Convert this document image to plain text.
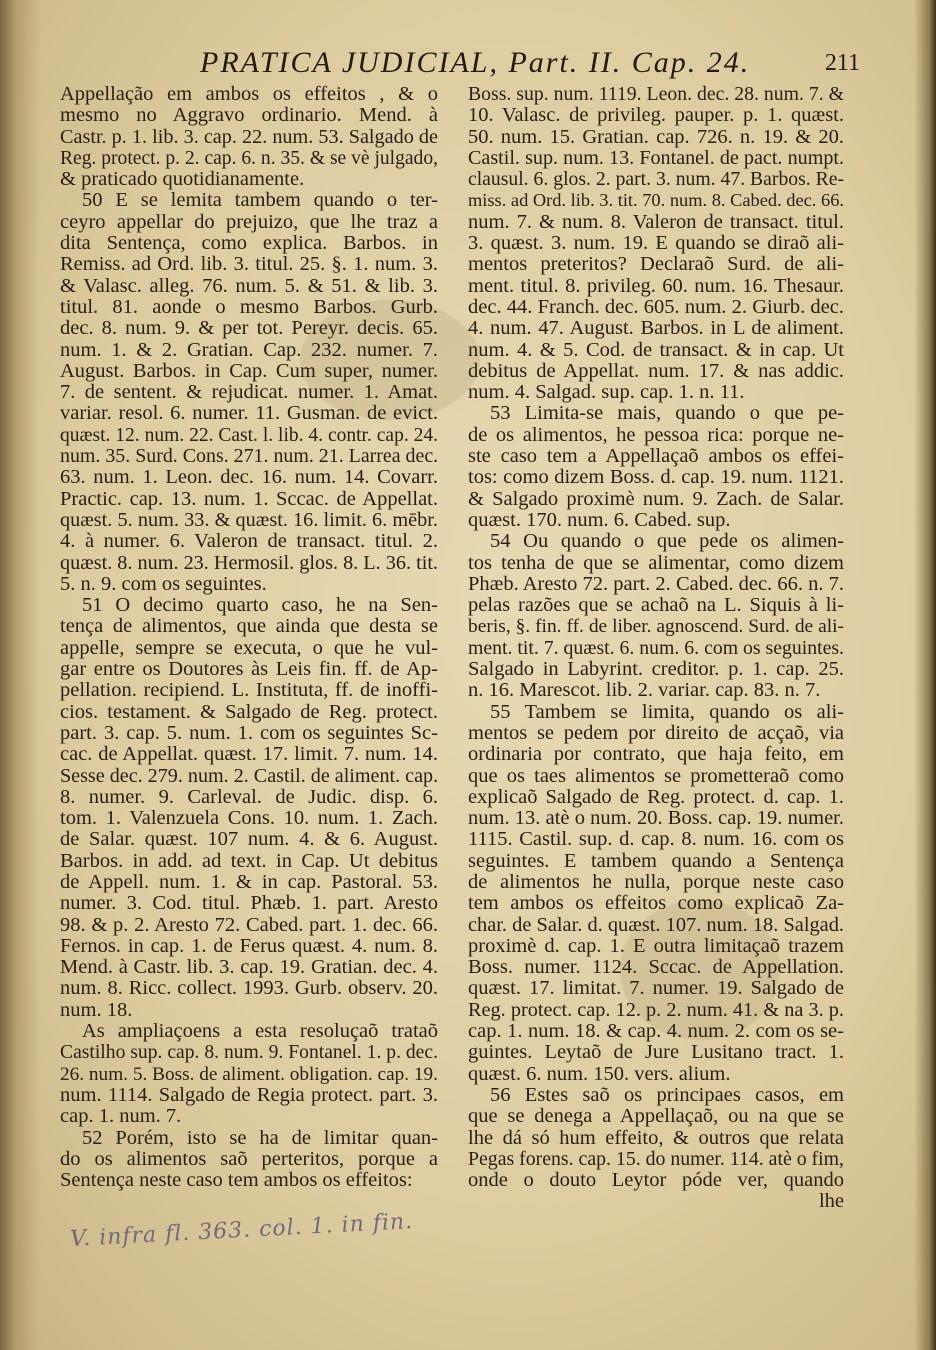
PRATICA JUDICIAL, Part. II. Cap. 24.	211
Appellação em ambos os effeitos , & o
mesmo no Aggravo ordinario. Mend. à
Castr. p. 1. lib. 3. cap. 22. num. 53. Salgado de
Reg. protect. p. 2. cap. 6. n. 35. & se vè julgado,
& praticado quotidianamente.
50 E se lemita tambem quando o ter-
ceyro appellar do prejuizo, que lhe traz a
dita Sentença, como explica. Barbos. in
Remiss. ad Ord. lib. 3. titul. 25. §. 1. num. 3.
& Valasc. alleg. 76. num. 5. & 51. & lib. 3.
titul. 81. aonde o mesmo Barbos. Gurb.
dec. 8. num. 9. & per tot. Pereyr. decis. 65.
num. 1. & 2. Gratian. Cap. 232. numer. 7.
August. Barbos. in Cap. Cum super, numer.
7. de sentent. & rejudicat. numer. 1. Amat.
variar. resol. 6. numer. 11. Gusman. de evict.
quæst. 12. num. 22. Cast. l. lib. 4. contr. cap. 24.
num. 35. Surd. Cons. 271. num. 21. Larrea dec.
63. num. 1. Leon. dec. 16. num. 14. Covarr.
Practic. cap. 13. num. 1. Sccac. de Appellat.
quæst. 5. num. 33. & quæst. 16. limit. 6. mēbr.
4. à numer. 6. Valeron de transact. titul. 2.
quæst. 8. num. 23. Hermosil. glos. 8. L. 36. tit.
5. n. 9. com os seguintes.
51 O decimo quarto caso, he na Sen-
tença de alimentos, que ainda que desta se
appelle, sempre se executa, o que he vul-
gar entre os Doutores às Leis fin. ff. de Ap-
pellation. recipiend. L. Instituta, ff. de inoffi-
cios. testament. & Salgado de Reg. protect.
part. 3. cap. 5. num. 1. com os seguintes Sc-
cac. de Appellat. quæst. 17. limit. 7. num. 14.
Sesse dec. 279. num. 2. Castil. de aliment. cap.
8. numer. 9. Carleval. de Judic. disp. 6.
tom. 1. Valenzuela Cons. 10. num. 1. Zach.
de Salar. quæst. 107 num. 4. & 6. August.
Barbos. in add. ad text. in Cap. Ut debitus
de Appell. num. 1. & in cap. Pastoral. 53.
numer. 3. Cod. titul. Phæb. 1. part. Aresto
98. & p. 2. Aresto 72. Cabed. part. 1. dec. 66.
Fernos. in cap. 1. de Ferus quæst. 4. num. 8.
Mend. à Castr. lib. 3. cap. 19. Gratian. dec. 4.
num. 8. Ricc. collect. 1993. Gurb. observ. 20.
num. 18.
As ampliaçoens a esta resoluçaõ trataõ
Castilho sup. cap. 8. num. 9. Fontanel. 1. p. dec.
26. num. 5. Boss. de aliment. obligation. cap. 19.
num. 1114. Salgado de Regia protect. part. 3.
cap. 1. num. 7.
52 Porém, isto se ha de limitar quan-
do os alimentos saõ perteritos, porque a
Sentença neste caso tem ambos os effeitos:
Boss. sup. num. 1119. Leon. dec. 28. num. 7. &
10. Valasc. de privileg. pauper. p. 1. quæst.
50. num. 15. Gratian. cap. 726. n. 19. & 20.
Castil. sup. num. 13. Fontanel. de pact. numpt.
clausul. 6. glos. 2. part. 3. num. 47. Barbos. Re-
miss. ad Ord. lib. 3. tit. 70. num. 8. Cabed. dec. 66.
num. 7. & num. 8. Valeron de transact. titul.
3. quæst. 3. num. 19. E quando se diraõ ali-
mentos preteritos? Declaraõ Surd. de ali-
ment. titul. 8. privileg. 60. num. 16. Thesaur.
dec. 44. Franch. dec. 605. num. 2. Giurb. dec.
4. num. 47. August. Barbos. in L de aliment.
num. 4. & 5. Cod. de transact. & in cap. Ut
debitus de Appellat. num. 17. & nas addic.
num. 4. Salgad. sup. cap. 1. n. 11.
53 Limita-se mais, quando o que pe-
de os alimentos, he pessoa rica: porque ne-
ste caso tem a Appellaçaõ ambos os effei-
tos: como dizem Boss. d. cap. 19. num. 1121.
& Salgado proximè num. 9. Zach. de Salar.
quæst. 170. num. 6. Cabed. sup.
54 Ou quando o que pede os alimen-
tos tenha de que se alimentar, como dizem
Phæb. Aresto 72. part. 2. Cabed. dec. 66. n. 7.
pelas razões que se achaõ na L. Siquis à li-
beris, §. fin. ff. de liber. agnoscend. Surd. de ali-
ment. tit. 7. quæst. 6. num. 6. com os seguintes.
Salgado in Labyrint. creditor. p. 1. cap. 25.
n. 16. Marescot. lib. 2. variar. cap. 83. n. 7.
55 Tambem se limita, quando os ali-
mentos se pedem por direito de acçaõ, via
ordinaria por contrato, que haja feito, em
que os taes alimentos se prometteraõ como
explicaõ Salgado de Reg. protect. d. cap. 1.
num. 13. atè o num. 20. Boss. cap. 19. numer.
1115. Castil. sup. d. cap. 8. num. 16. com os
seguintes. E tambem quando a Sentença
de alimentos he nulla, porque neste caso
tem ambos os effeitos como explicaõ Za-
char. de Salar. d. quæst. 107. num. 18. Salgad.
proximè d. cap. 1. E outra limitaçaõ trazem
Boss. numer. 1124. Sccac. de Appellation.
quæst. 17. limitat. 7. numer. 19. Salgado de
Reg. protect. cap. 12. p. 2. num. 41. & na 3. p.
cap. 1. num. 18. & cap. 4. num. 2. com os se-
guintes. Leytaõ de Jure Lusitano tract. 1.
quæst. 6. num. 150. vers. alium.
56 Estes saõ os principaes casos, em
que se denega a Appellaçaõ, ou na que se
lhe dá só hum effeito, & outros que relata
Pegas forens. cap. 15. do numer. 114. atè o fim,
onde o douto Leytor póde ver, quando
lhe
V. infra fl. 363. col. 1. in fin.
